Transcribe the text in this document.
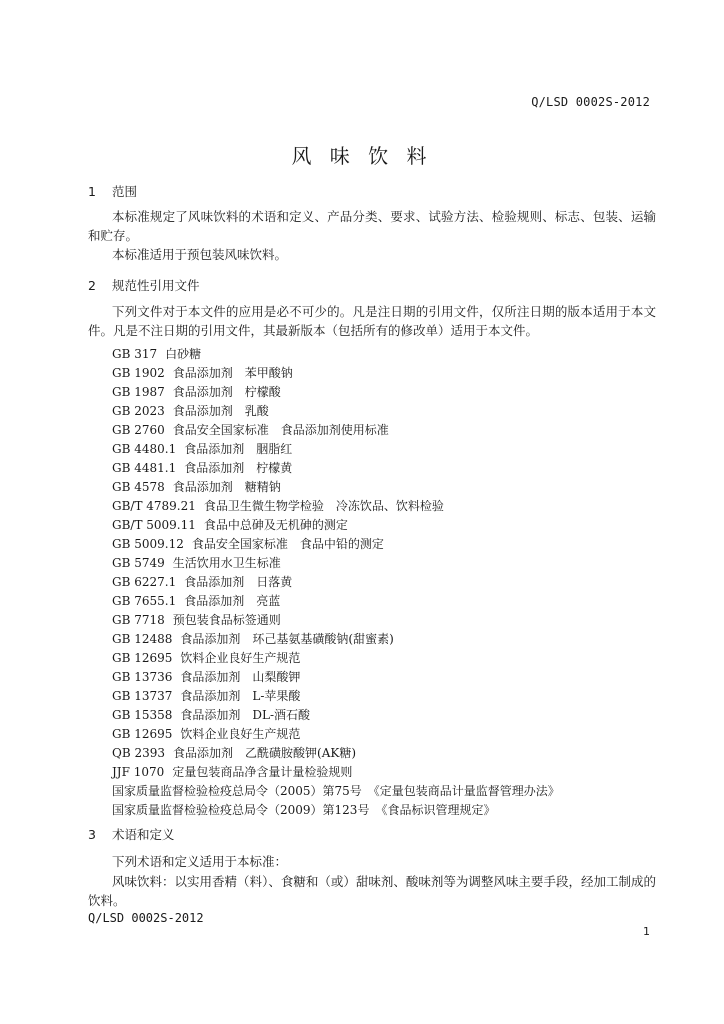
Q/LSD 0002S-2012
风 味 饮 料
1 范围
本标准规定了风味饮料的术语和定义、产品分类、要求、试验方法、检验规则、标志、包装、运输和贮存。
本标准适用于预包装风味饮料。
2 规范性引用文件
下列文件对于本文件的应用是必不可少的。凡是注日期的引用文件，仅所注日期的版本适用于本文件。凡是不注日期的引用文件，其最新版本（包括所有的修改单）适用于本文件。
GB 317 白砂糖
GB 1902 食品添加剂　苯甲酸钠
GB 1987 食品添加剂　柠檬酸
GB 2023 食品添加剂　乳酸
GB 2760 食品安全国家标准　食品添加剂使用标准
GB 4480.1 食品添加剂　胭脂红
GB 4481.1 食品添加剂　柠檬黄
GB 4578 食品添加剂　糖精钠
GB/T 4789.21 食品卫生微生物学检验　冷冻饮品、饮料检验
GB/T 5009.11 食品中总砷及无机砷的测定
GB 5009.12 食品安全国家标准　食品中铅的测定
GB 5749 生活饮用水卫生标准
GB 6227.1 食品添加剂　日落黄
GB 7655.1 食品添加剂　亮蓝
GB 7718 预包装食品标签通则
GB 12488 食品添加剂　环己基氨基磺酸钠(甜蜜素)
GB 12695 饮料企业良好生产规范
GB 13736 食品添加剂　山梨酸钾
GB 13737 食品添加剂　L-苹果酸
GB 15358 食品添加剂　DL-酒石酸
GB 12695 饮料企业良好生产规范
QB 2393 食品添加剂　乙酰磺胺酸钾(AK糖)
JJF 1070 定量包装商品净含量计量检验规则
国家质量监督检验检疫总局令（2005）第75号　《定量包装商品计量监督管理办法》
国家质量监督检验检疫总局令（2009）第123号　《食品标识管理规定》
3 术语和定义
下列术语和定义适用于本标准：
风味饮料：以实用香精（料）、食糖和（或）甜味剂、酸味剂等为调整风味主要手段，经加工制成的饮料。
Q/LSD 0002S-2012
1
